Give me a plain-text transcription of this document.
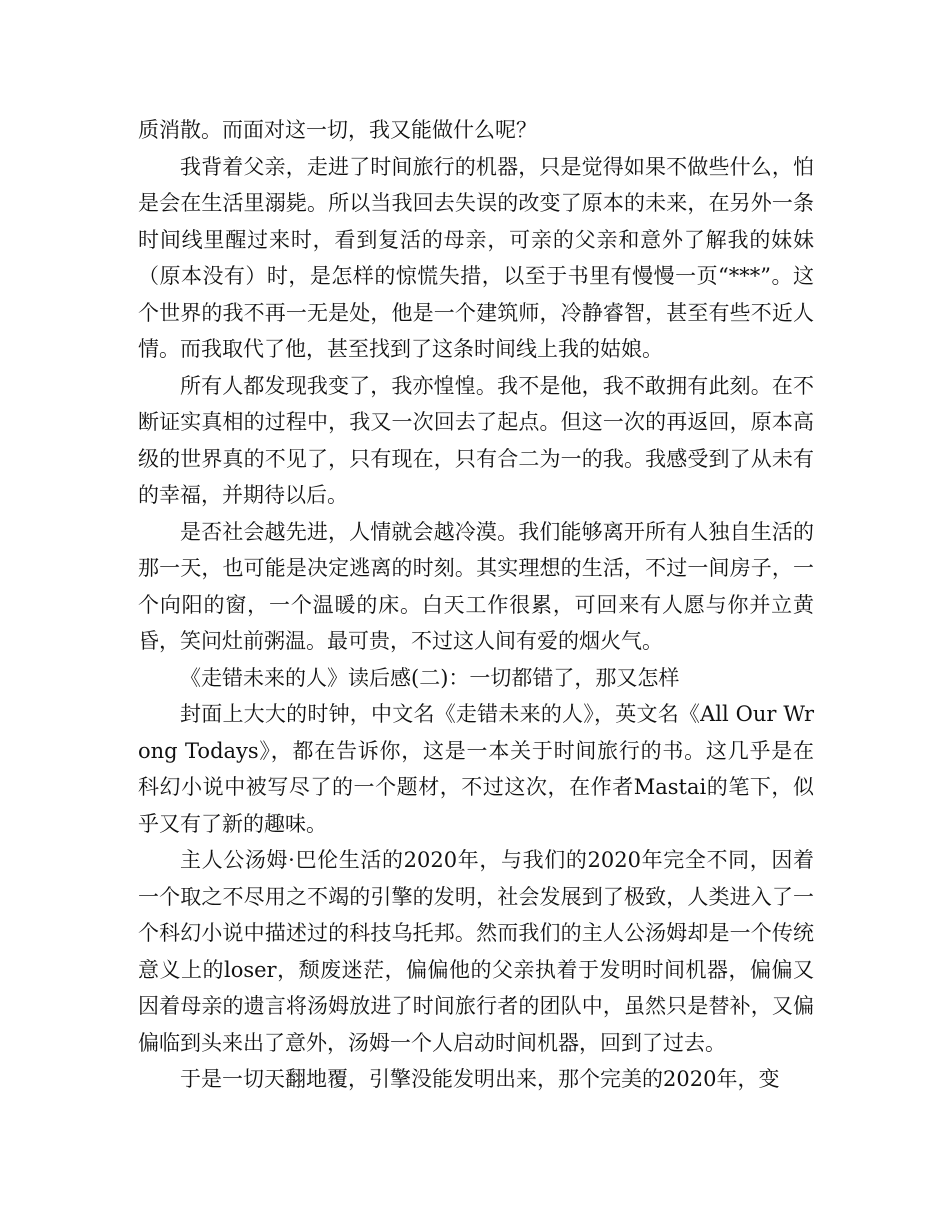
质消散。而面对这一切，我又能做什么呢？

我背着父亲，走进了时间旅行的机器，只是觉得如果不做些什么，怕是会在生活里溺毙。所以当我回去失误的改变了原本的未来，在另外一条时间线里醒过来时，看到复活的母亲，可亲的父亲和意外了解我的妹妹（原本没有）时，是怎样的惊慌失措，以至于书里有慢慢一页“***”。这个世界的我不再一无是处，他是一个建筑师，冷静睿智，甚至有些不近人情。而我取代了他，甚至找到了这条时间线上我的姑娘。

所有人都发现我变了，我亦惶惶。我不是他，我不敢拥有此刻。在不断证实真相的过程中，我又一次回去了起点。但这一次的再返回，原本高级的世界真的不见了，只有现在，只有合二为一的我。我感受到了从未有的幸福，并期待以后。

是否社会越先进，人情就会越冷漠。我们能够离开所有人独自生活的那一天，也可能是决定逃离的时刻。其实理想的生活，不过一间房子，一个向阳的窗，一个温暖的床。白天工作很累，可回来有人愿与你并立黄昏，笑问灶前粥温。最可贵，不过这人间有爱的烟火气。

《走错未来的人》读后感(二)：一切都错了，那又怎样

封面上大大的时钟，中文名《走错未来的人》，英文名《All Our Wrong Todays》，都在告诉你，这是一本关于时间旅行的书。这几乎是在科幻小说中被写尽了的一个题材，不过这次，在作者Mastai的笔下，似乎又有了新的趣味。

主人公汤姆·巴伦生活的2020年，与我们的2020年完全不同，因着一个取之不尽用之不竭的引擎的发明，社会发展到了极致，人类进入了一个科幻小说中描述过的科技乌托邦。然而我们的主人公汤姆却是一个传统意义上的loser，颓废迷茫，偏偏他的父亲执着于发明时间机器，偏偏又因着母亲的遗言将汤姆放进了时间旅行者的团队中，虽然只是替补，又偏偏临到头来出了意外，汤姆一个人启动时间机器，回到了过去。

于是一切天翻地覆，引擎没能发明出来，那个完美的2020年，变
